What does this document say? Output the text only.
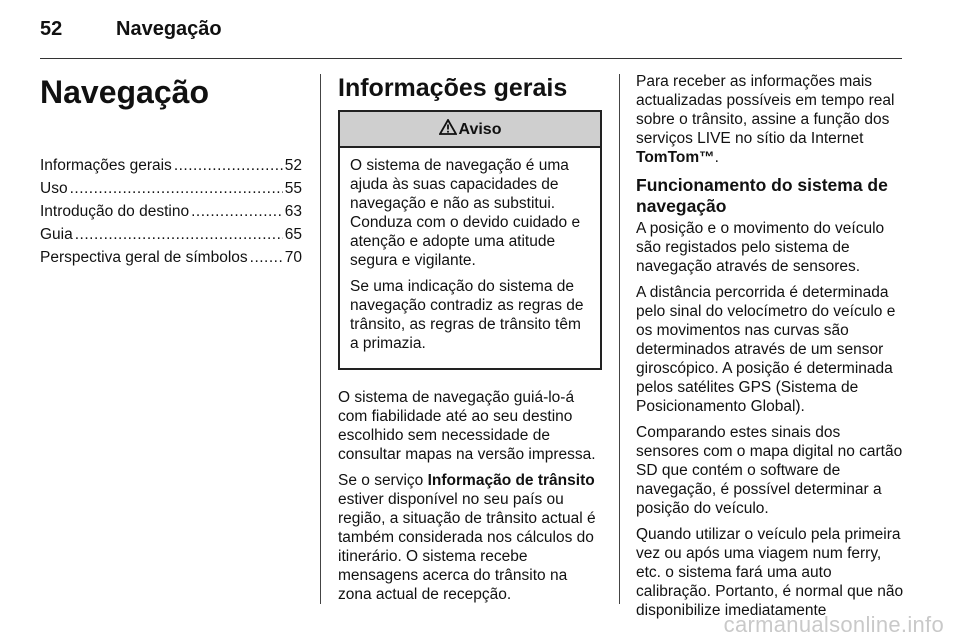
52	Navegação
Navegação
Informações gerais .....	52
Uso .....	55
Introdução do destino .....	63
Guia .....	65
Perspectiva geral de símbolos ..... 70
Informações gerais
Aviso

O sistema de navegação é uma ajuda às suas capacidades de navegação e não as substitui. Conduza com o devido cuidado e atenção e adopte uma atitude segura e vigilante.

Se uma indicação do sistema de navegação contradiz as regras de trânsito, as regras de trânsito têm a primazia.

O sistema de navegação guiá-lo-á com fiabilidade até ao seu destino escolhido sem necessidade de consultar mapas na versão impressa.

Se o serviço Informação de trânsito estiver disponível no seu país ou região, a situação de trânsito actual é também considerada nos cálculos do itinerário. O sistema recebe mensagens acerca do trânsito na zona actual de recepção.

Para receber as informações mais actualizadas possíveis em tempo real sobre o trânsito, assine a função dos serviços LIVE no sítio da Internet TomTom™.

Funcionamento do sistema de navegação

A posição e o movimento do veículo são registados pelo sistema de navegação através de sensores.

A distância percorrida é determinada pelo sinal do velocímetro do veículo e os movimentos nas curvas são determinados através de um sensor giroscópico. A posição é determinada pelos satélites GPS (Sistema de Posicionamento Global).

Comparando estes sinais dos sensores com o mapa digital no cartão SD que contém o software de navegação, é possível determinar a posição do veículo.

Quando utilizar o veículo pela primeira vez ou após uma viagem num ferry, etc. o sistema fará uma auto calibração. Portanto, é normal que não disponibilize imediatamente

carmanualsonline.info
